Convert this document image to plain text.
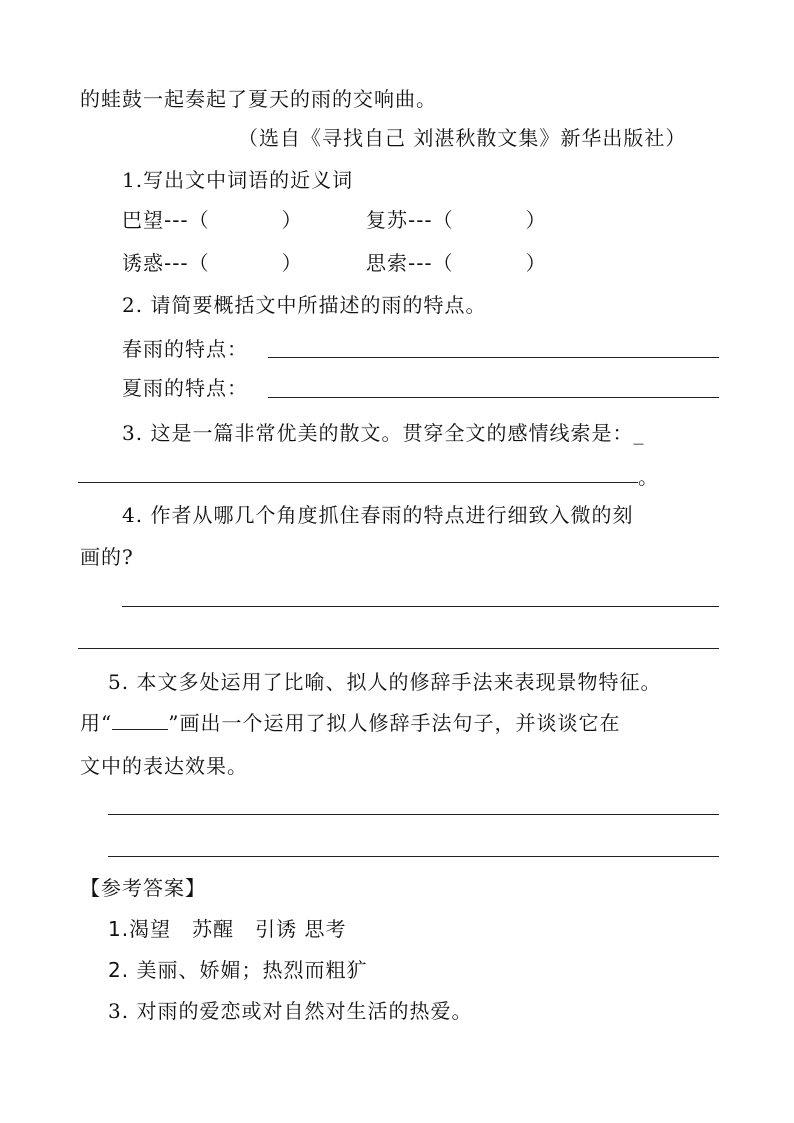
的蛙鼓一起奏起了夏天的雨的交响曲。
（选自《寻找自己 刘湛秋散文集》新华出版社）
1.写出文中词语的近义词
巴望---（	）	复苏---（	）
诱惑---（	）	思索---（	）
2. 请简要概括文中所描述的雨的特点。
春雨的特点：
夏雨的特点：
3. 这是一篇非常优美的散文。贯穿全文的感情线索是：_
。
4. 作者从哪几个角度抓住春雨的特点进行细致入微的刻
画的?
5. 本文多处运用了比喻、拟人的修辞手法来表现景物特征。
用“	”画出一个运用了拟人修辞手法句子，并谈谈它在
文中的表达效果。
【参考答案】
1.渴望　苏醒　引诱 思考
2. 美丽、娇媚；热烈而粗犷
3. 对雨的爱恋或对自然对生活的热爱。
